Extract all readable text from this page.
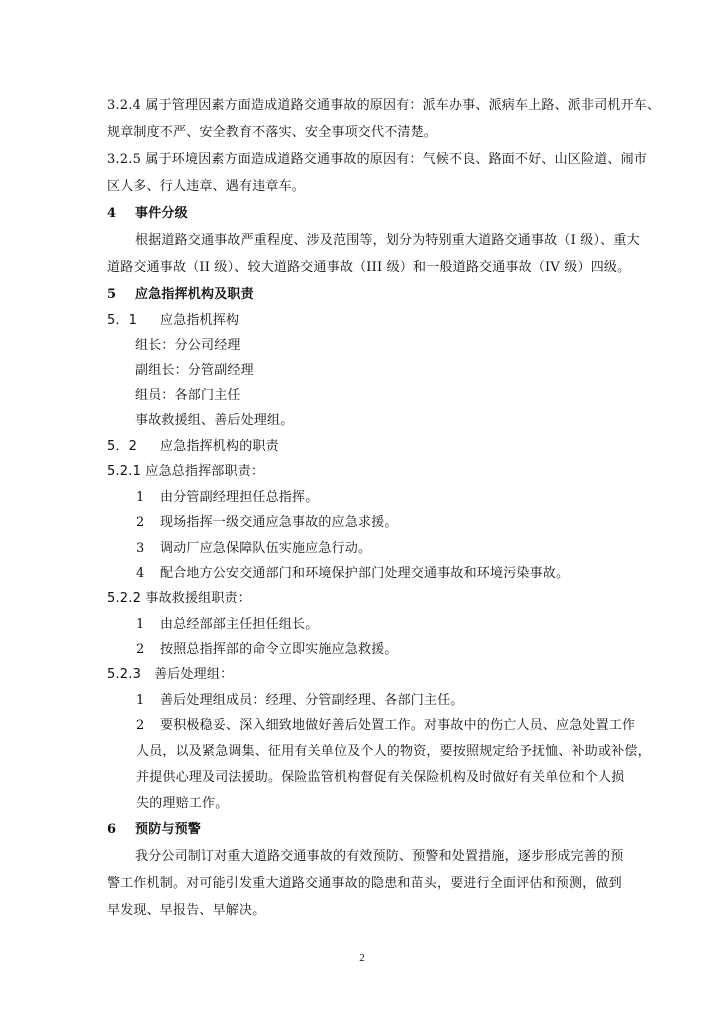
3.2.4 属于管理因素方面造成道路交通事故的原因有：派车办事、派病车上路、派非司机开车、
规章制度不严、安全教育不落实、安全事项交代不清楚。
3.2.5 属于环境因素方面造成道路交通事故的原因有：气候不良、路面不好、山区险道、闹市
区人多、行人违章、遇有违章车。
4 事件分级
根据道路交通事故严重程度、涉及范围等，划分为特别重大道路交通事故（I 级）、重大
道路交通事故（II 级）、较大道路交通事故（III 级）和一般道路交通事故（IV 级）四级。
5 应急指挥机构及职责
5．1 应急指机挥构
组长：分公司经理
副组长：分管副经理
组员：各部门主任
事故救援组、善后处理组。
5．2 应急指挥机构的职责
5.2.1 应急总指挥部职责：
1 由分管副经理担任总指挥。
2 现场指挥一级交通应急事故的应急求援。
3 调动厂应急保障队伍实施应急行动。
4 配合地方公安交通部门和环境保护部门处理交通事故和环境污染事故。
5.2.2 事故救援组职责：
1 由总经部部主任担任组长。
2 按照总指挥部的命令立即实施应急救援。
5.2.3   善后处理组：
1 善后处理组成员：经理、分管副经理、各部门主任。
2 要积极稳妥、深入细致地做好善后处置工作。对事故中的伤亡人员、应急处置工作
人员，以及紧急调集、征用有关单位及个人的物资，要按照规定给予抚恤、补助或补偿，
并提供心理及司法援助。保险监管机构督促有关保险机构及时做好有关单位和个人损
失的理赔工作。
6 预防与预警
我分公司制订对重大道路交通事故的有效预防、预警和处置措施，逐步形成完善的预
警工作机制。对可能引发重大道路交通事故的隐患和苗头，要进行全面评估和预测，做到
早发现、早报告、早解决。
2
